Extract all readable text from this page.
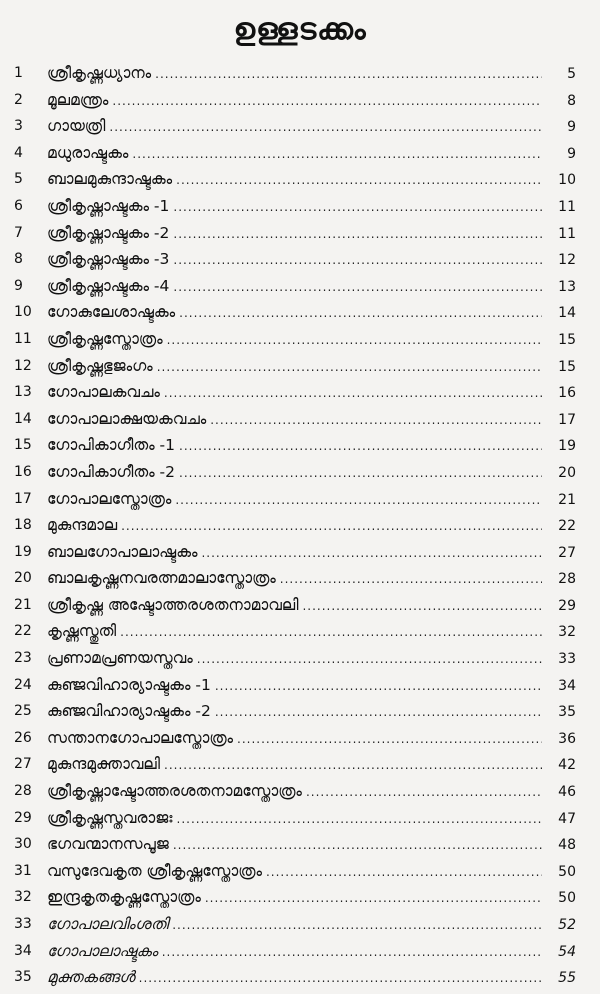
ഉള്ളടക്കം
1	ശ്രീകൃഷ്ണധ്യാനം .....	5
2	മൂലമന്ത്രം .....	8
3	ഗായത്രി .....	9
4	മധുരാഷ്ടകം .....	9
5	ബാലമുകുന്ദാഷ്ടകം .....	10
6	ശ്രീകൃഷ്ണാഷ്ടകം -1 .....	11
7	ശ്രീകൃഷ്ണാഷ്ടകം -2 .....	11
8	ശ്രീകൃഷ്ണാഷ്ടകം -3 .....	12
9	ശ്രീകൃഷ്ണാഷ്ടകം -4 .....	13
10 ഗോകുലേശാഷ്ടകം .....	14
11 ശ്രീകൃഷ്ണസ്തോത്രം .....	15
12 ശ്രീകൃഷ്ണഭുജംഗം .....	15
13 ഗോപാലകവചം .....	16
14 ഗോപാലാക്ഷയകവചം .....	17
15 ഗോപികാഗീതം -1 .....	19
16 ഗോപികാഗീതം -2 .....	20
17 ഗോപാലസ്തോത്രം .....	21
18 മുകുന്ദമാല .....	22
19 ബാലഗോപാലാഷ്ടകം .....	27
20 ബാലകൃഷ്ണനവരത്നമാലാസ്തോത്രം .....	28
21 ശ്രീകൃഷ്ണ അഷ്ടോത്തരശതനാമാവലി .....	29
22 കൃഷ്ണസ്തുതി .....	32
23 പ്രണാമപ്രണയസ്തവം .....	33
24 കുഞ്ജവിഹാര്യാഷ്ടകം -1 .....	34
25 കുഞ്ജവിഹാര്യാഷ്ടകം -2 .....	35
26 സന്താനഗോപാലസ്തോത്രം .....	36
27 മുകുന്ദമുക്താവലി .....	42
28 ശ്രീകൃഷ്ണാഷ്ടോത്തരശതനാമസ്തോത്രം .....	46
29 ശ്രീകൃഷ്ണസ്തവരാജഃ .....	47
30 ഭഗവന്മാനസപൂജ .....	48
31 വസുദേവകൃത ശ്രീകൃഷ്ണസ്തോത്രം .....	50
32 ഇന്ദ്രകൃതകൃഷ്ണസ്തോത്രം .....	50
33 ഗോപാലവിംശതി .....	52
34 ഗോപാലാഷ്ടകം .....	54
35 മുക്തകങ്ങൾ .....	55
